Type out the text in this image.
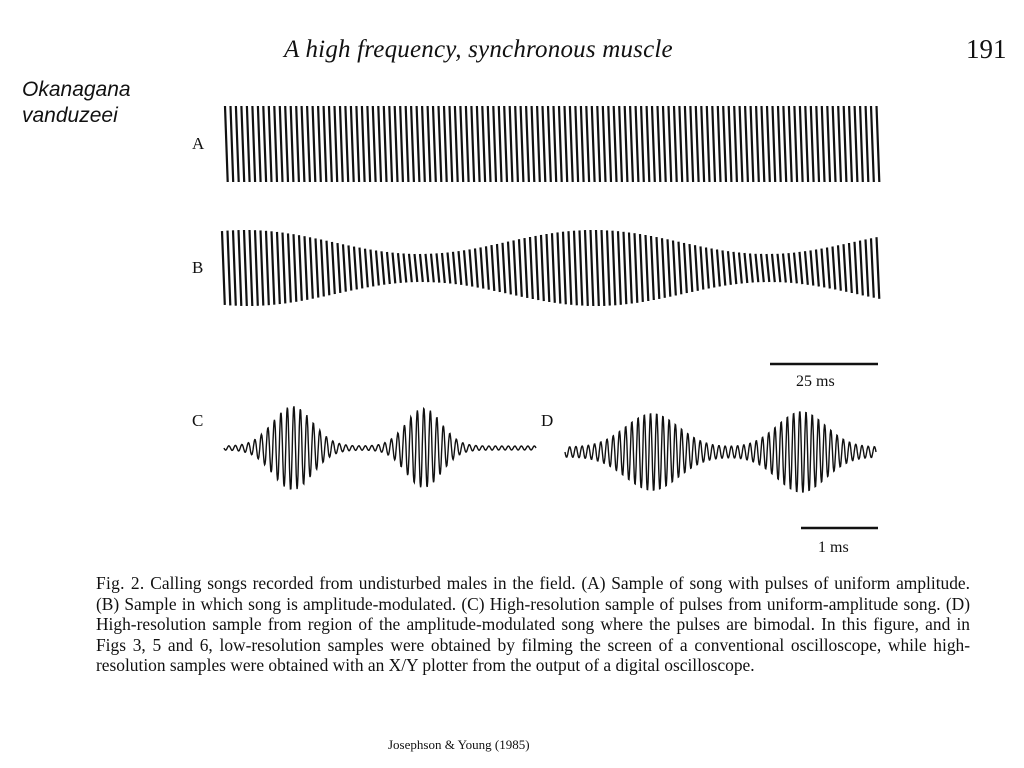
A high frequency, synchronous muscle	191
Okanagana
vanduzeei
A
B
C	D
25 ms
1 ms
Fig. 2. Calling songs recorded from undisturbed males in the field. (A) Sample of song with pulses of uniform amplitude. (B) Sample in which song is amplitude-modulated. (C) High-resolution sample of pulses from uniform-amplitude song. (D) High-resolution sample from region of the amplitude-modulated song where the pulses are bimodal. In this figure, and in Figs 3, 5 and 6, low-resolution samples were obtained by filming the screen of a conventional oscilloscope, while high-resolution samples were obtained with an X/Y plotter from the output of a digital oscilloscope.
Josephson & Young (1985)
